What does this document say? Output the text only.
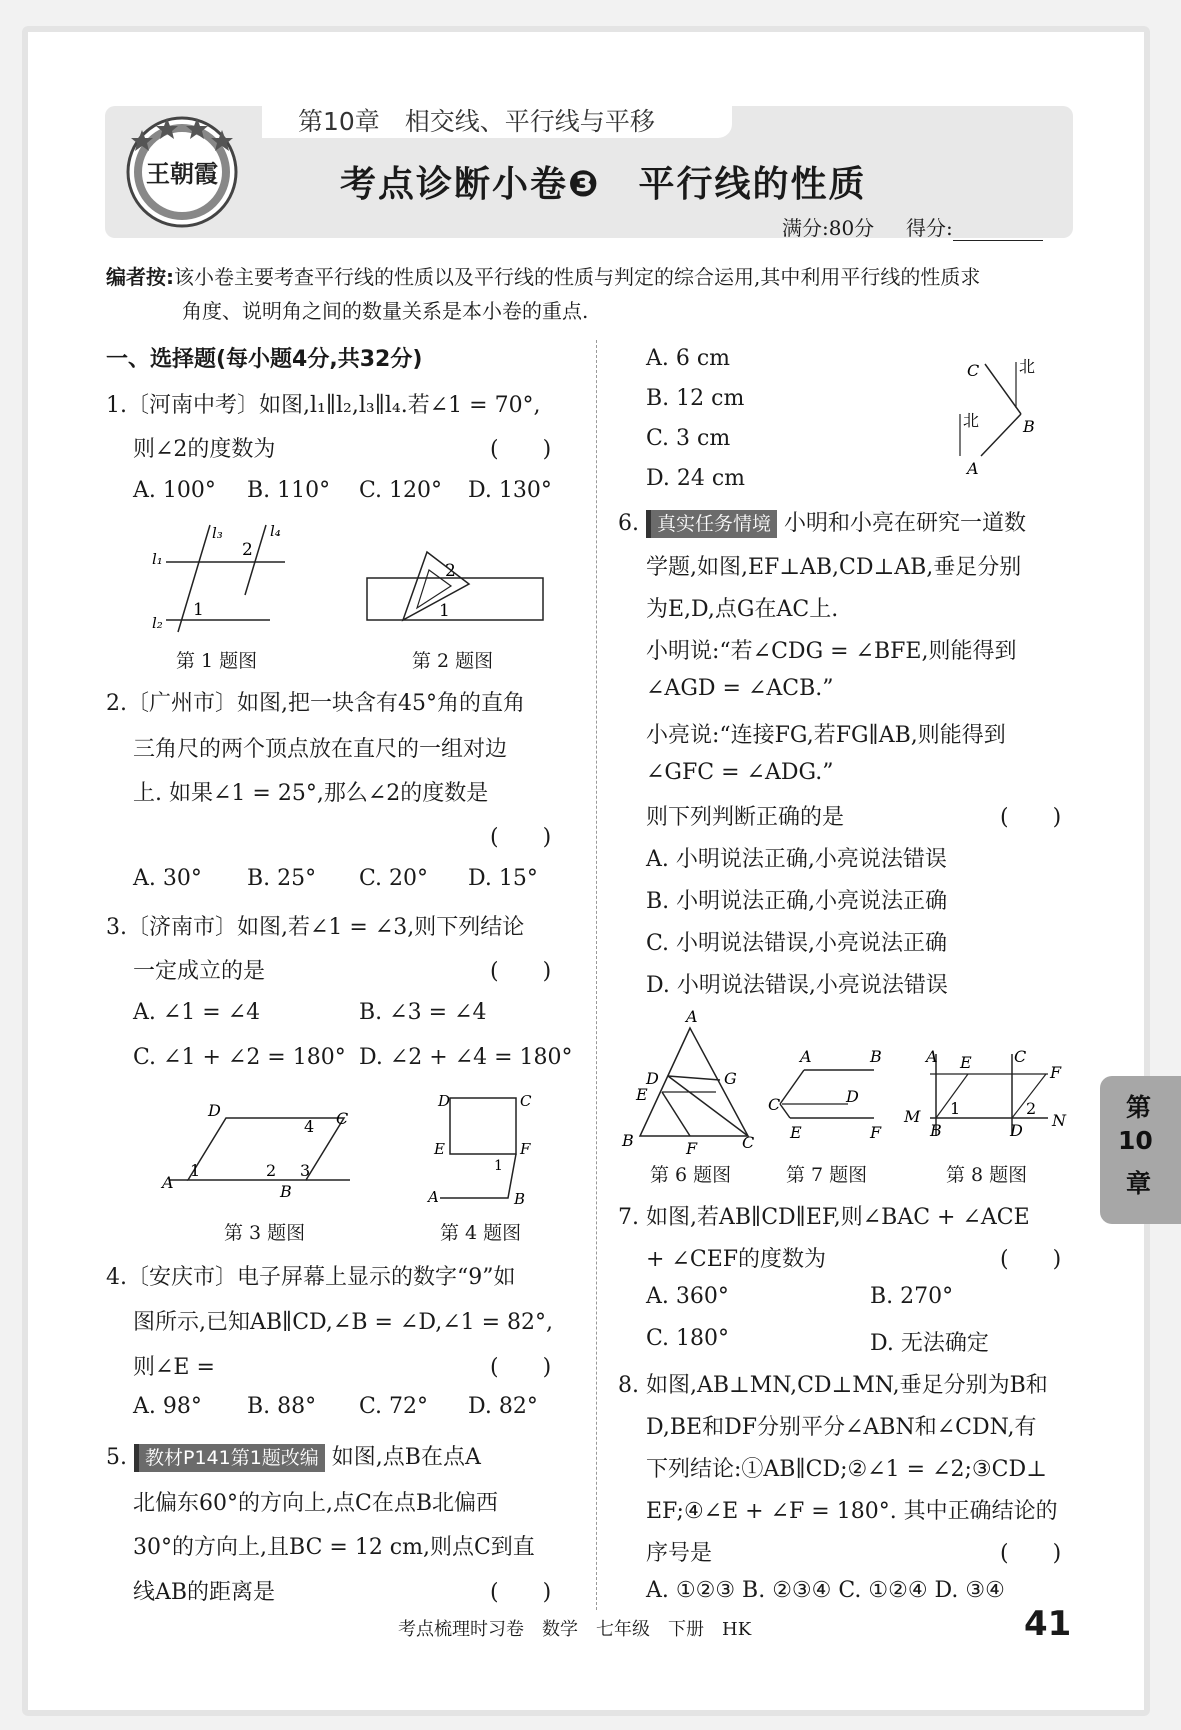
第10章　相交线、平行线与平移
王朝霞	考点诊断小卷❸　平行线的性质
满分:80分 得分:
编者按:该小卷主要考查平行线的性质以及平行线的性质与判定的综合运用,其中利用平行线的性质求
角度、说明角之间的数量关系是本小卷的重点.
一、选择题(每小题4分,共32分)
1.〔河南中考〕如图,l₁∥l₂,l₃∥l₄.若∠1 = 70°,
则∠2的度数为	(　　)
A. 100° B. 110° C. 120° D. 130°
l₁
l₂
l₃	l₄
2
1
2
1
第 1 题图	第 2 题图
2.〔广州市〕如图,把一块含有45°角的直角
三角尺的两个顶点放在直尺的一组对边
上. 如果∠1 = 25°,那么∠2的度数是
(　　)
A. 30° B. 25° C. 20° D. 15°
3.〔济南市〕如图,若∠1 = ∠3,则下列结论
一定成立的是	(　　)
A. ∠1 = ∠4	B. ∠3 = ∠4
C. ∠1 + ∠2 = 180° D. ∠2 + ∠4 = 180°
D	C
A	B
1	2 3
4
D	C
E	F
1
A	B
第 3 题图	第 4 题图
4.〔安庆市〕电子屏幕上显示的数字“9”如
图所示,已知AB∥CD,∠B = ∠D,∠1 = 82°,
则∠E =	(　　)
A. 98° B. 88° C. 72° D. 82°
5. 教材P141第1题改编 如图,点B在点A
北偏东60°的方向上,点C在点B北偏西
30°的方向上,且BC = 12 cm,则点C到直
线AB的距离是	(　　)
A. 6 cm
B. 12 cm
C. 3 cm
D. 24 cm
C 北
北	B
A
6. 真实任务情境 小明和小亮在研究一道数
学题,如图,EF⊥AB,CD⊥AB,垂足分别
为E,D,点G在AC上.
小明说:“若∠CDG = ∠BFE,则能得到
∠AGD = ∠ACB.”
小亮说:“连接FG,若FG∥AB,则能得到
∠GFC = ∠ADG.”
则下列判断正确的是	(　　)
A. 小明说法正确,小亮说法错误
B. 小明说法正确,小亮说法正确
C. 小明说法错误,小亮说法正确
D. 小明说法错误,小亮说法错误
A
D	G
E
B	F	C
A	B
C	D
E	F
A E	C
F
M 1	2
N
B	D
第 6 题图	第 7 题图	第 8 题图
7. 如图,若AB∥CD∥EF,则∠BAC + ∠ACE
+ ∠CEF的度数为	(　　)
A. 360°	B. 270°
C. 180°	D. 无法确定
8. 如图,AB⊥MN,CD⊥MN,垂足分别为B和
D,BE和DF分别平分∠ABN和∠CDN,有
下列结论:①AB∥CD;②∠1 = ∠2;③CD⊥
EF;④∠E + ∠F = 180°. 其中正确结论的
序号是	(　　)
A. ①②③ B. ②③④ C. ①②④ D. ③④
第
10
章
考点梳理时习卷　数学　七年级　下册　HK	41
